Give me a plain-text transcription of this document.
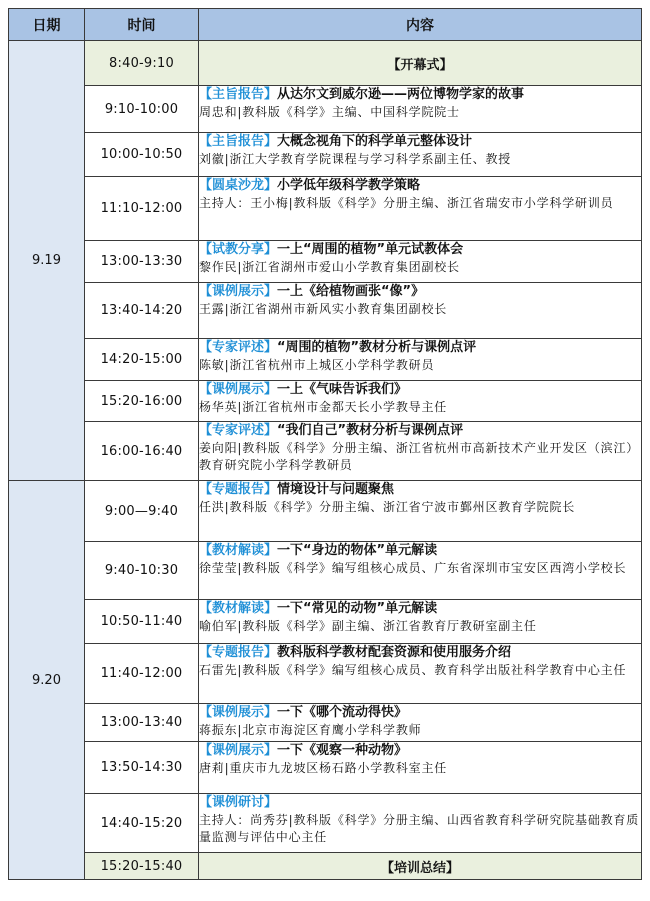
日期	时间	内容
9.19	8:40-9:10	【开幕式】
	9:10-10:00	【主旨报告】从达尔文到威尔逊——两位博物学家的故事
周忠和|教科版《科学》主编、中国科学院院士

	10:00-10:50	【主旨报告】大概念视角下的科学单元整体设计
刘徽|浙江大学教育学院课程与学习科学系副主任、教授

	11:10-12:00	【圆桌沙龙】小学低年级科学教学策略
主持人：王小梅|教科版《科学》分册主编、浙江省瑞安市小学科学研训员

	13:00-13:30	【试教分享】一上“周围的植物”单元试教体会
黎作民|浙江省湖州市爱山小学教育集团副校长

	13:40-14:20	【课例展示】一上《给植物画张“像”》
王露|浙江省湖州市新风实小教育集团副校长

	14:20-15:00	【专家评述】“周围的植物”教材分析与课例点评
陈敏|浙江省杭州市上城区小学科学教研员

	15:20-16:00	【课例展示】一上《气味告诉我们》
杨华英|浙江省杭州市金都天长小学教导主任

	16:00-16:40	【专家评述】“我们自己”教材分析与课例点评
姜向阳|教科版《科学》分册主编、浙江省杭州市高新技术产业开发区（滨江）教育研究院小学科学教研员

9.20	9:00—9:40	【专题报告】情境设计与问题聚焦
任洪|教科版《科学》分册主编、浙江省宁波市鄞州区教育学院院长

	9:40-10:30	【教材解读】一下“身边的物体”单元解读
徐莹莹|教科版《科学》编写组核心成员、广东省深圳市宝安区西湾小学校长

	10:50-11:40	【教材解读】一下“常见的动物”单元解读
喻伯军|教科版《科学》副主编、浙江省教育厅教研室副主任

	11:40-12:00	【专题报告】教科版科学教材配套资源和使用服务介绍
石雷先|教科版《科学》编写组核心成员、教育科学出版社科学教育中心主任

	13:00-13:40	【课例展示】一下《哪个流动得快》
蒋振东|北京市海淀区育鹰小学科学教师

	13:50-14:30	【课例展示】一下《观察一种动物》
唐莉|重庆市九龙坡区杨石路小学教科室主任

	14:40-15:20	【课例研讨】
主持人：尚秀芬|教科版《科学》分册主编、山西省教育科学研究院基础教育质量监测与评估中心主任

	15:20-15:40	【培训总结】
